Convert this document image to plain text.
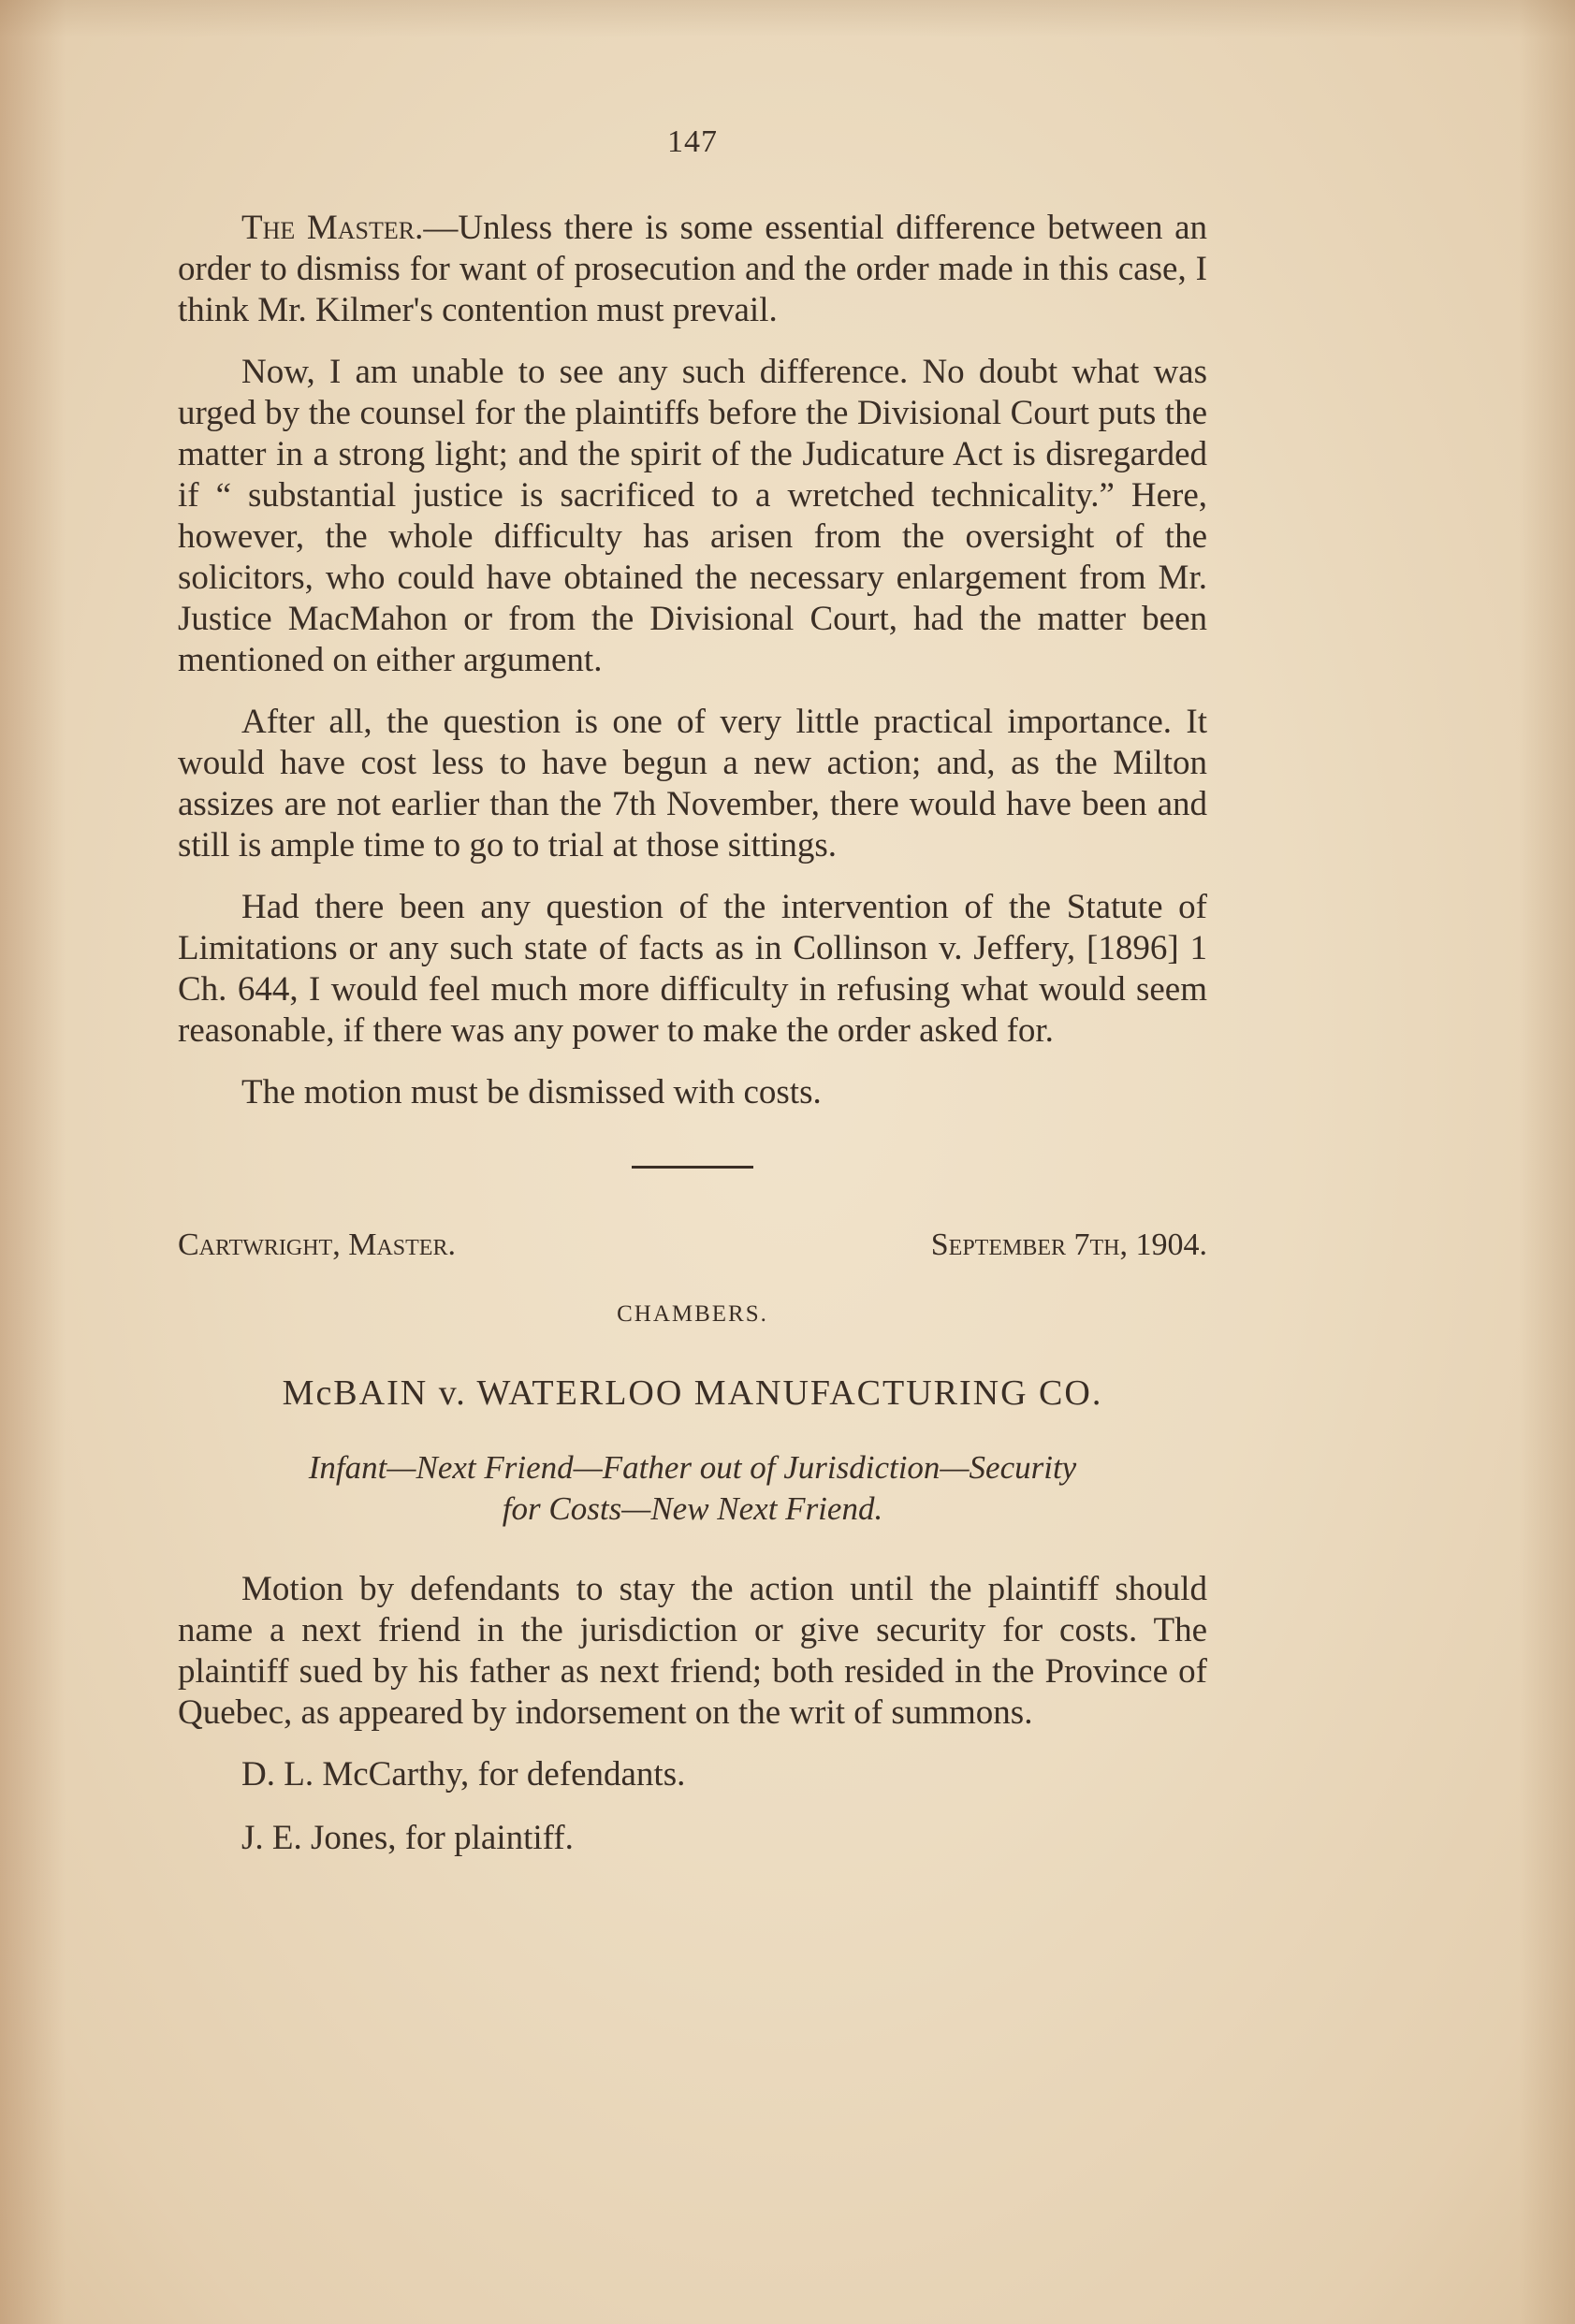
147

The Master.—Unless there is some essential difference between an order to dismiss for want of prosecution and the order made in this case, I think Mr. Kilmer's contention must prevail.

Now, I am unable to see any such difference. No doubt what was urged by the counsel for the plaintiffs before the Divisional Court puts the matter in a strong light; and the spirit of the Judicature Act is disregarded if “ substantial justice is sacrificed to a wretched technicality.” Here, however, the whole difficulty has arisen from the oversight of the solicitors, who could have obtained the necessary enlargement from Mr. Justice MacMahon or from the Divisional Court, had the matter been mentioned on either argument.

After all, the question is one of very little practical importance. It would have cost less to have begun a new action; and, as the Milton assizes are not earlier than the 7th November, there would have been and still is ample time to go to trial at those sittings.

Had there been any question of the intervention of the Statute of Limitations or any such state of facts as in Collinson v. Jeffery, [1896] 1 Ch. 644, I would feel much more difficulty in refusing what would seem reasonable, if there was any power to make the order asked for.

The motion must be dismissed with costs.

Cartwright, Master.	September 7th, 1904.
CHAMBERS.
McBAIN v. WATERLOO MANUFACTURING CO.
Infant—Next Friend—Father out of Jurisdiction—Security
for Costs—New Next Friend.

Motion by defendants to stay the action until the plaintiff should name a next friend in the jurisdiction or give security for costs. The plaintiff sued by his father as next friend; both resided in the Province of Quebec, as appeared by indorsement on the writ of summons.

D. L. McCarthy, for defendants.
J. E. Jones, for plaintiff.
